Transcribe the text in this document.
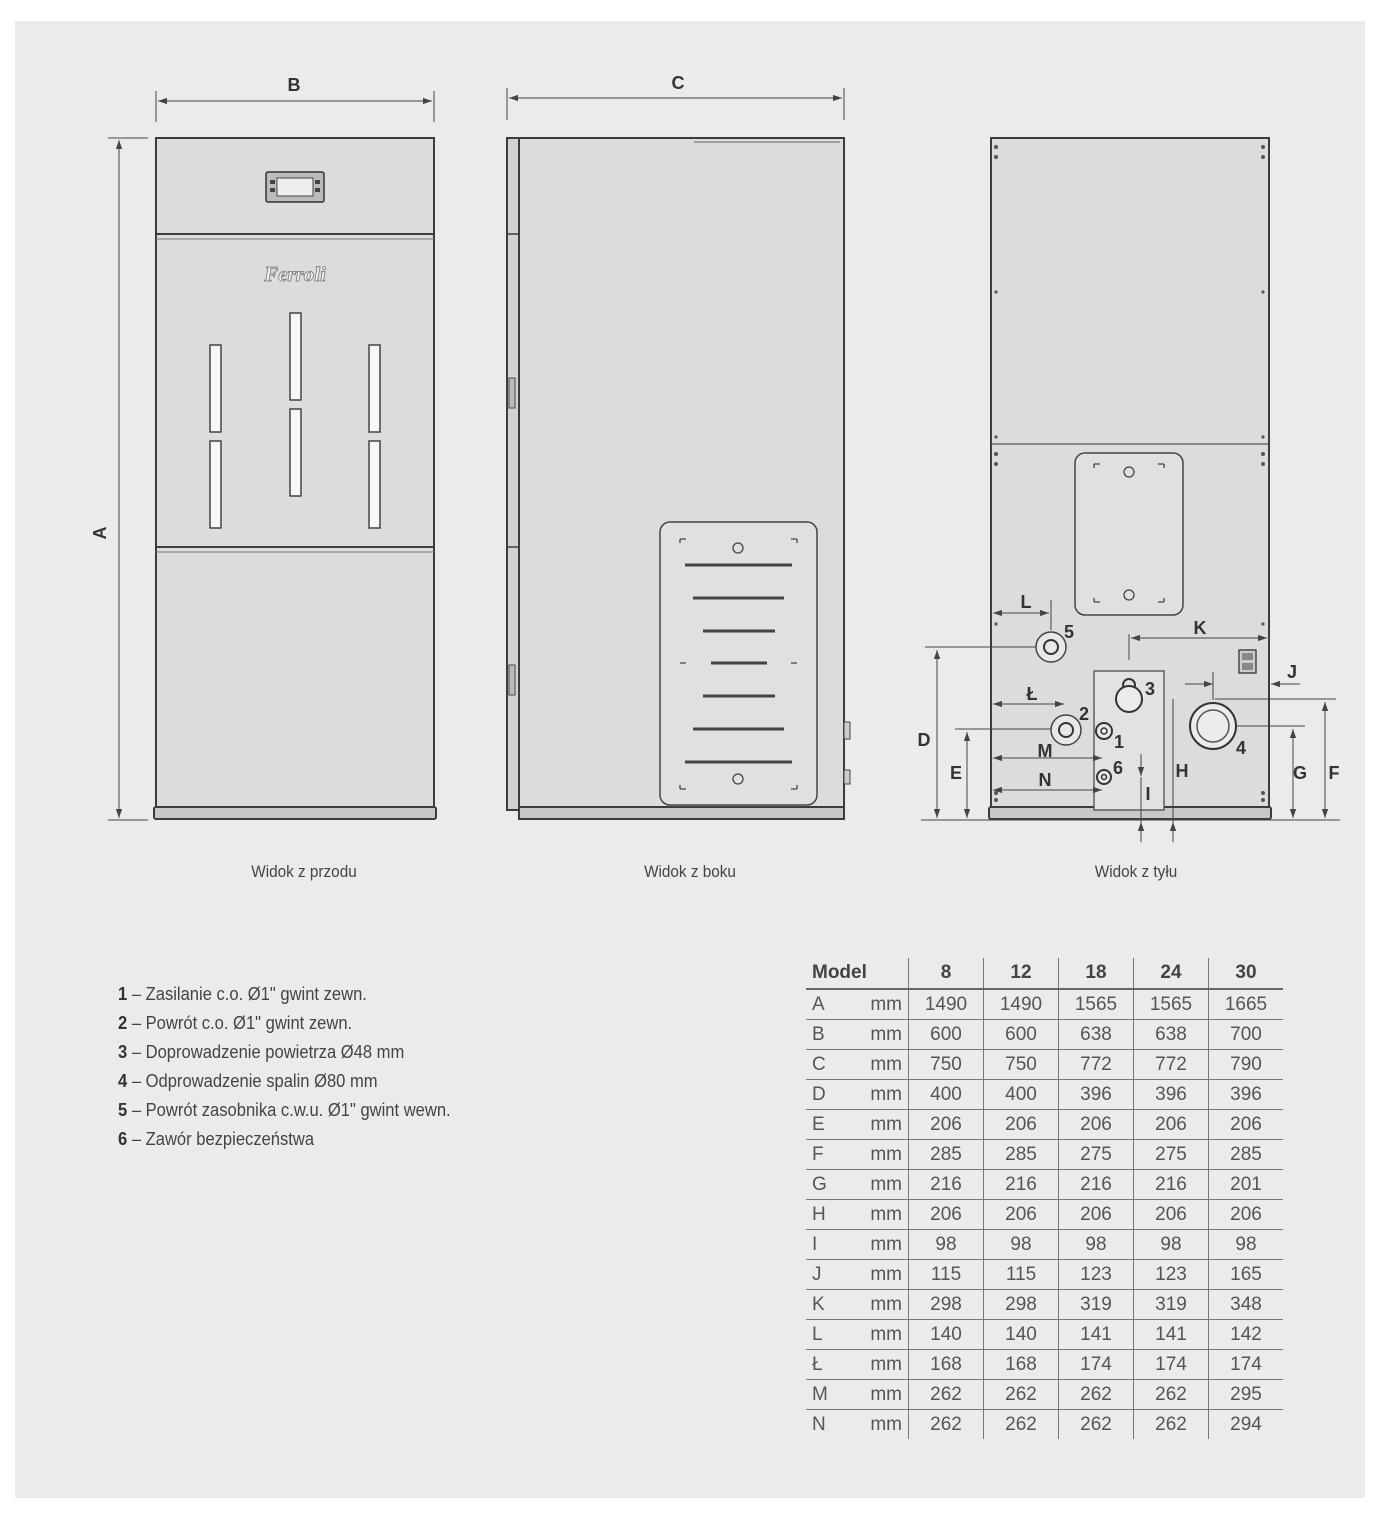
Ferroli
B
A
C
L
Ł
M
N
K
J
D
E	G F
H
I
5
2
1
6
3
4
Widok z przodu	Widok z boku	Widok z tyłu
1 – Zasilanie c.o. Ø1" gwint zewn.
2 – Powrót c.o. Ø1" gwint zewn.
3 – Doprowadzenie powietrza Ø48 mm
4 – Odprowadzenie spalin Ø80 mm
5 – Powrót zasobnika c.w.u. Ø1" gwint wewn.
6 – Zawór bezpieczeństwa
Model		8	12	18	24	30
A	mm	1490	1490	1565	1565	1665
B	mm	600	600	638	638	700
C	mm	750	750	772	772	790
D	mm	400	400	396	396	396
E	mm	206	206	206	206	206
F	mm	285	285	275	275	285
G	mm	216	216	216	216	201
H	mm	206	206	206	206	206
I	mm	98	98	98	98	98
J	mm	115	115	123	123	165
K	mm	298	298	319	319	348
L	mm	140	140	141	141	142
Ł	mm	168	168	174	174	174
M	mm	262	262	262	262	295
N	mm	262	262	262	262	294
